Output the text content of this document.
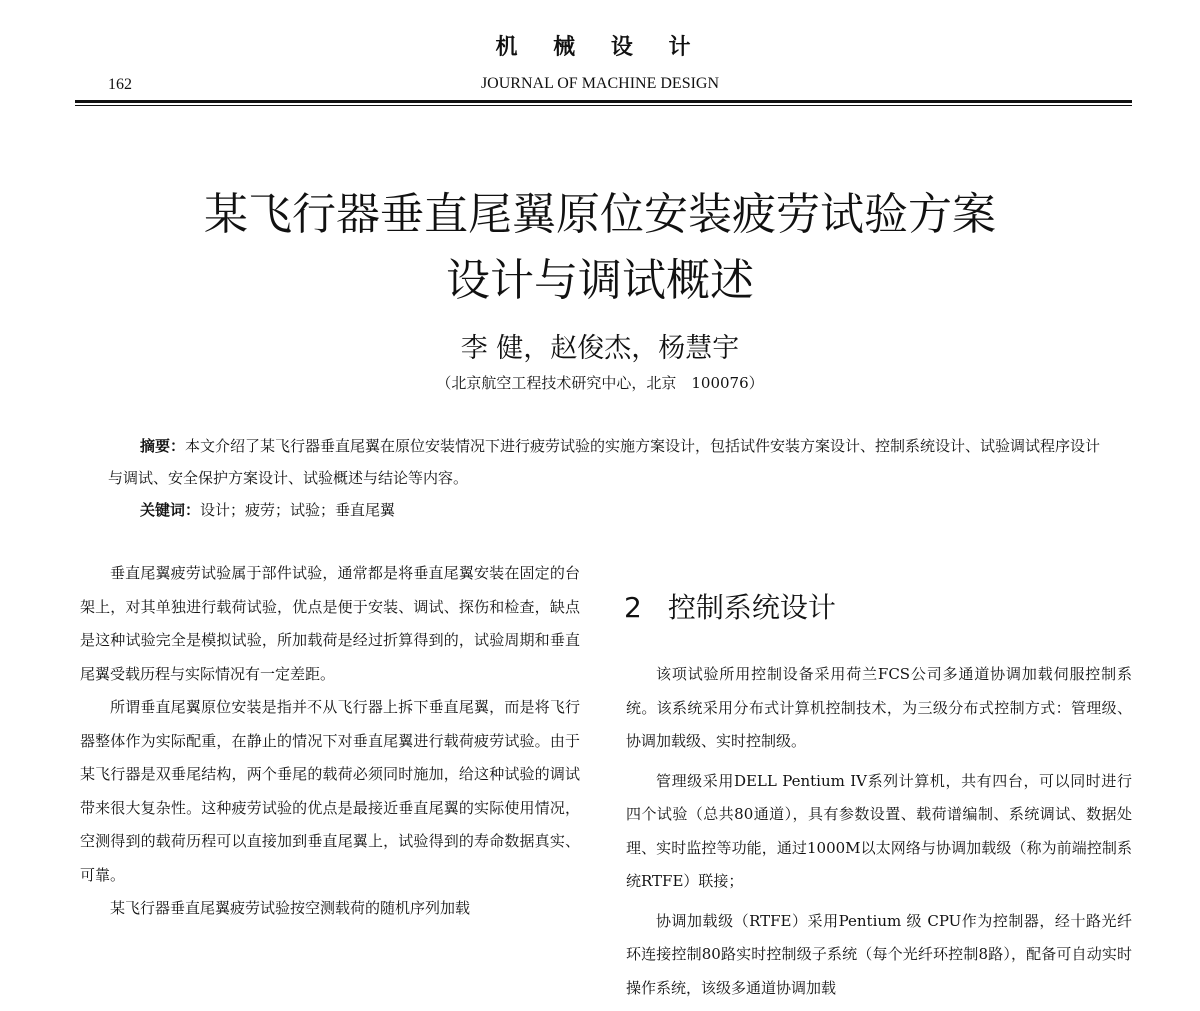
机 械 设 计
162	JOURNAL OF MACHINE DESIGN
某飞行器垂直尾翼原位安装疲劳试验方案
设计与调试概述
李 健，赵俊杰，杨慧宇
（北京航空工程技术研究中心，北京　100076）
摘要：本文介绍了某飞行器垂直尾翼在原位安装情况下进行疲劳试验的实施方案设计，包括试件安装方案设计、控制系统设计、试验调试程序设计与调试、安全保护方案设计、试验概述与结论等内容。
关键词：设计；疲劳；试验；垂直尾翼

垂直尾翼疲劳试验属于部件试验，通常都是将垂直尾翼安装在固定的台架上，对其单独进行载荷试验，优点是便于安装、调试、探伤和检查，缺点是这种试验完全是模拟试验，所加载荷是经过折算得到的，试验周期和垂直尾翼受载历程与实际情况有一定差距。

所谓垂直尾翼原位安装是指并不从飞行器上拆下垂直尾翼，而是将飞行器整体作为实际配重，在静止的情况下对垂直尾翼进行载荷疲劳试验。由于某飞行器是双垂尾结构，两个垂尾的载荷必须同时施加，给这种试验的调试带来很大复杂性。这种疲劳试验的优点是最接近垂直尾翼的实际使用情况，空测得到的载荷历程可以直接加到垂直尾翼上，试验得到的寿命数据真实、可靠。

某飞行器垂直尾翼疲劳试验按空测载荷的随机序列加载

2 控制系统设计

该项试验所用控制设备采用荷兰FCS公司多通道协调加载伺服控制系统。该系统采用分布式计算机控制技术，为三级分布式控制方式：管理级、协调加载级、实时控制级。

管理级采用DELL Pentium IV系列计算机，共有四台，可以同时进行四个试验（总共80通道），具有参数设置、载荷谱编制、系统调试、数据处理、实时监控等功能，通过1000M以太网络与协调加载级（称为前端控制系统RTFE）联接；

协调加载级（RTFE）采用Pentium 级 CPU作为控制器，经十路光纤环连接控制80路实时控制级子系统（每个光纤环控制8路），配备可自动实时操作系统，该级多通道协调加载
